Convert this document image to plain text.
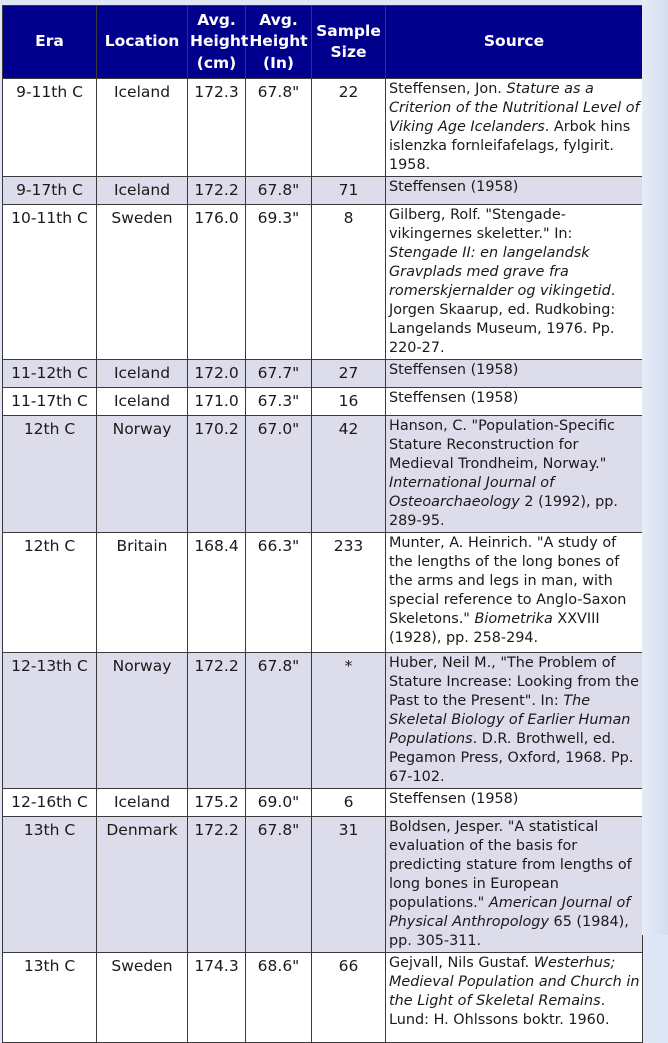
Era	Location	Avg. Height (cm)	Avg. Height (In)	Sample Size	Source
9-11th C	Iceland	172.3	67.8"	22	Steffensen, Jon. Stature as a Criterion of the Nutritional Level of Viking Age Icelanders. Arbok hins islenzka fornleifafelags, fylgirit. 1958.
9-17th C	Iceland	172.2	67.8"	71	Steffensen (1958)
10-11th C	Sweden	176.0	69.3"	8	Gilberg, Rolf. "Stengade-vikingernes skeletter." In: Stengade II: en langelandsk Gravplads med grave fra romerskjernalder og vikingetid. Jorgen Skaarup, ed. Rudkobing: Langelands Museum, 1976. Pp. 220-27.
11-12th C	Iceland	172.0	67.7"	27	Steffensen (1958)
11-17th C	Iceland	171.0	67.3"	16	Steffensen (1958)
12th C	Norway	170.2	67.0"	42	Hanson, C. "Population-Specific Stature Reconstruction for Medieval Trondheim, Norway." International Journal of Osteoarchaeology 2 (1992), pp. 289-95.
12th C	Britain	168.4	66.3"	233	Munter, A. Heinrich. "A study of the lengths of the long bones of the arms and legs in man, with special reference to Anglo-Saxon Skeletons." Biometrika XXVIII (1928), pp. 258-294.
12-13th C	Norway	172.2	67.8"	*	Huber, Neil M., "The Problem of Stature Increase: Looking from the Past to the Present". In: The Skeletal Biology of Earlier Human Populations. D.R. Brothwell, ed. Pegamon Press, Oxford, 1968. Pp. 67-102.
12-16th C	Iceland	175.2	69.0"	6	Steffensen (1958)
13th C	Denmark	172.2	67.8"	31	Boldsen, Jesper. "A statistical evaluation of the basis for predicting stature from lengths of long bones in European populations." American Journal of Physical Anthropology 65 (1984), pp. 305-311.
13th C	Sweden	174.3	68.6"	66	Gejvall, Nils Gustaf. Westerhus; Medieval Population and Church in the Light of Skeletal Remains. Lund: H. Ohlssons boktr. 1960.
